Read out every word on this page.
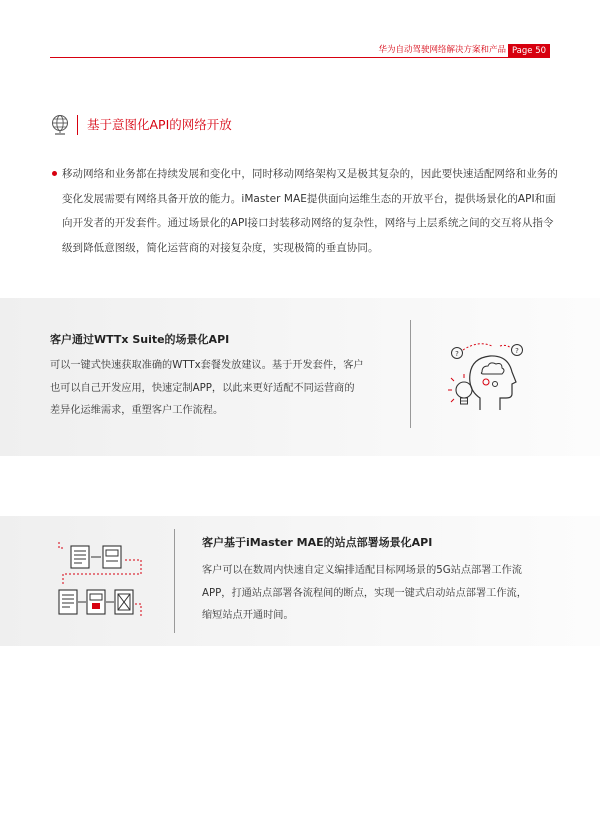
华为自动驾驶网络解决方案和产品 Page 50
基于意图化API的网络开放

移动网络和业务都在持续发展和变化中，同时移动网络架构又是极其复杂的，因此要快速适配网络和业务的变化发展需要有网络具备开放的能力。iMaster MAE提供面向运维生态的开放平台，提供场景化的API和面向开发者的开发套件。通过场景化的API接口封装移动网络的复杂性，网络与上层系统之间的交互将从指令级到降低意图级，简化运营商的对接复杂度，实现极简的垂直协同。

客户通过WTTx Suite的场景化API

可以一键式快速获取准确的WTTx套餐发放建议。基于开发套件，客户
也可以自己开发应用，快速定制APP，以此来更好适配不同运营商的
差异化运维需求，重塑客户工作流程。

?	?
客户基于iMaster MAE的站点部署场景化API

客户可以在数周内快速自定义编排适配目标网场景的5G站点部署工作流
APP，打通站点部署各流程间的断点，实现一键式启动站点部署工作流，
缩短站点开通时间。
